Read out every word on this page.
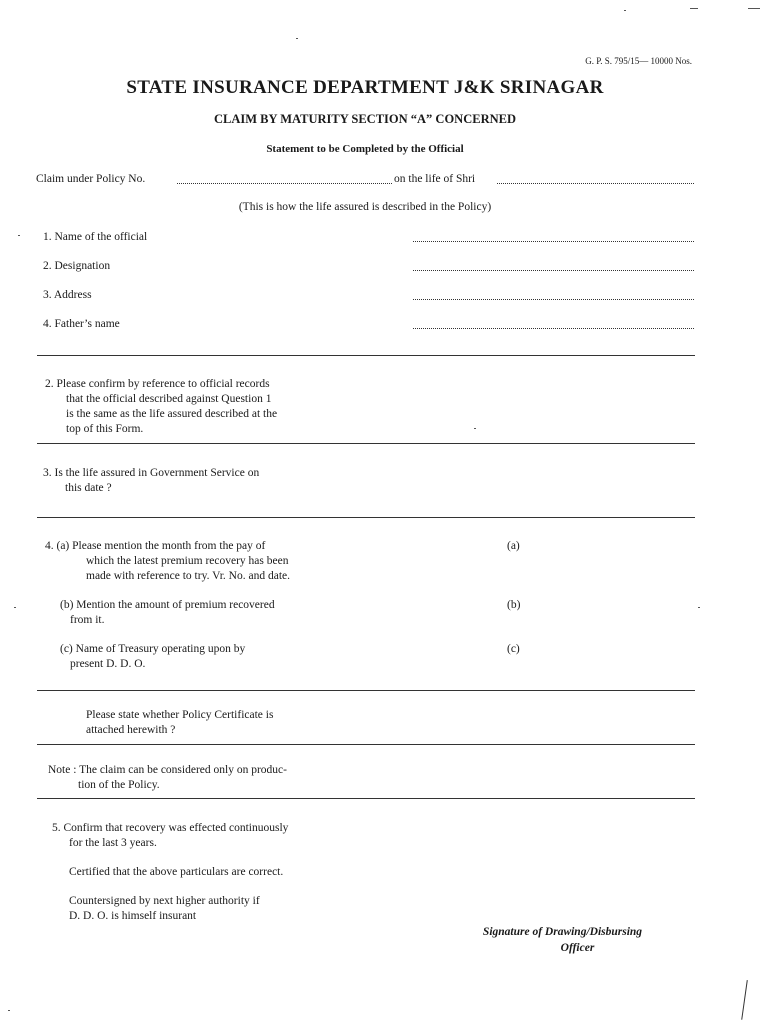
G. P. S. 795/15— 10000 Nos.
STATE INSURANCE DEPARTMENT J&K SRINAGAR
CLAIM BY MATURITY SECTION “A” CONCERNED
Statement to be Completed by the Official
Claim under Policy No.	on the life of Shri
(This is how the life assured is described in the Policy)
1. Name of the official
2. Designation
3. Address
4. Father’s name
2. Please confirm by reference to official records
that the official described against Question 1
is the same as the life assured described at the
top of this Form.
3. Is the life assured in Government Service on
this date ?
4. (a) Please mention the month from the pay of
which the latest premium recovery has been
made with reference to try. Vr. No. and date.
(a)
(b) Mention the amount of premium recovered
from it.
(b)
(c) Name of Treasury operating upon by
present D. D. O.
(c)
Please state whether Policy Certificate is
attached herewith ?
Note : The claim can be considered only on produc-
tion of the Policy.
5. Confirm that recovery was effected continuously
for the last 3 years.
Certified that the above particulars are correct.
Countersigned by next higher authority if
D. D. O. is himself insurant
Signature of Drawing/Disbursing
Officer
